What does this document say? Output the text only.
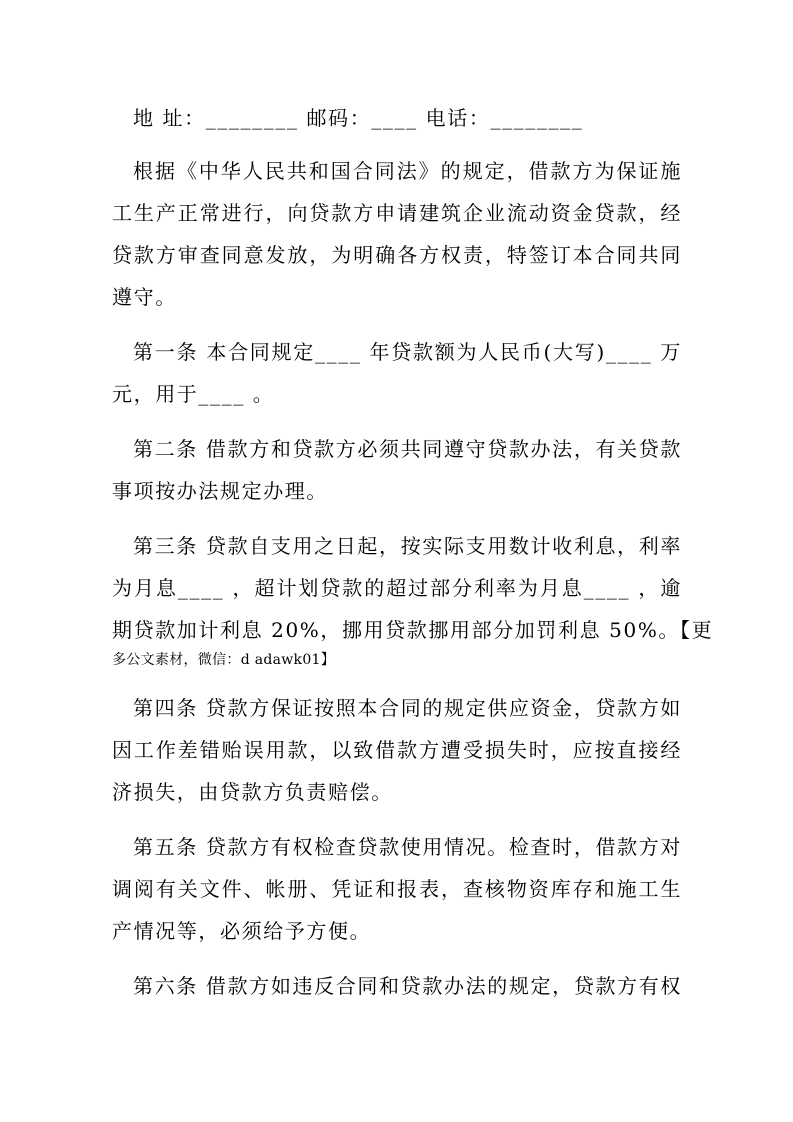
地 址：________ 邮码：____ 电话：________
根据《中华人民共和国合同法》的规定，借款方为保证施
工生产正常进行，向贷款方申请建筑企业流动资金贷款，经
贷款方审查同意发放，为明确各方权责，特签订本合同共同
遵守。
第一条 本合同规定____ 年贷款额为人民币(大写)____ 万
元，用于____ 。
第二条 借款方和贷款方必须共同遵守贷款办法，有关贷款
事项按办法规定办理。
第三条 贷款自支用之日起，按实际支用数计收利息，利率
为月息____ ，超计划贷款的超过部分利率为月息____ ，逾
期贷款加计利息 20%，挪用贷款挪用部分加罚利息 50%。【更
多公文素材，微信：d adawk01】
第四条 贷款方保证按照本合同的规定供应资金，贷款方如
因工作差错贻误用款，以致借款方遭受损失时，应按直接经
济损失，由贷款方负责赔偿。
第五条 贷款方有权检查贷款使用情况。检查时，借款方对
调阅有关文件、帐册、凭证和报表，查核物资库存和施工生
产情况等，必须给予方便。
第六条 借款方如违反合同和贷款办法的规定，贷款方有权
